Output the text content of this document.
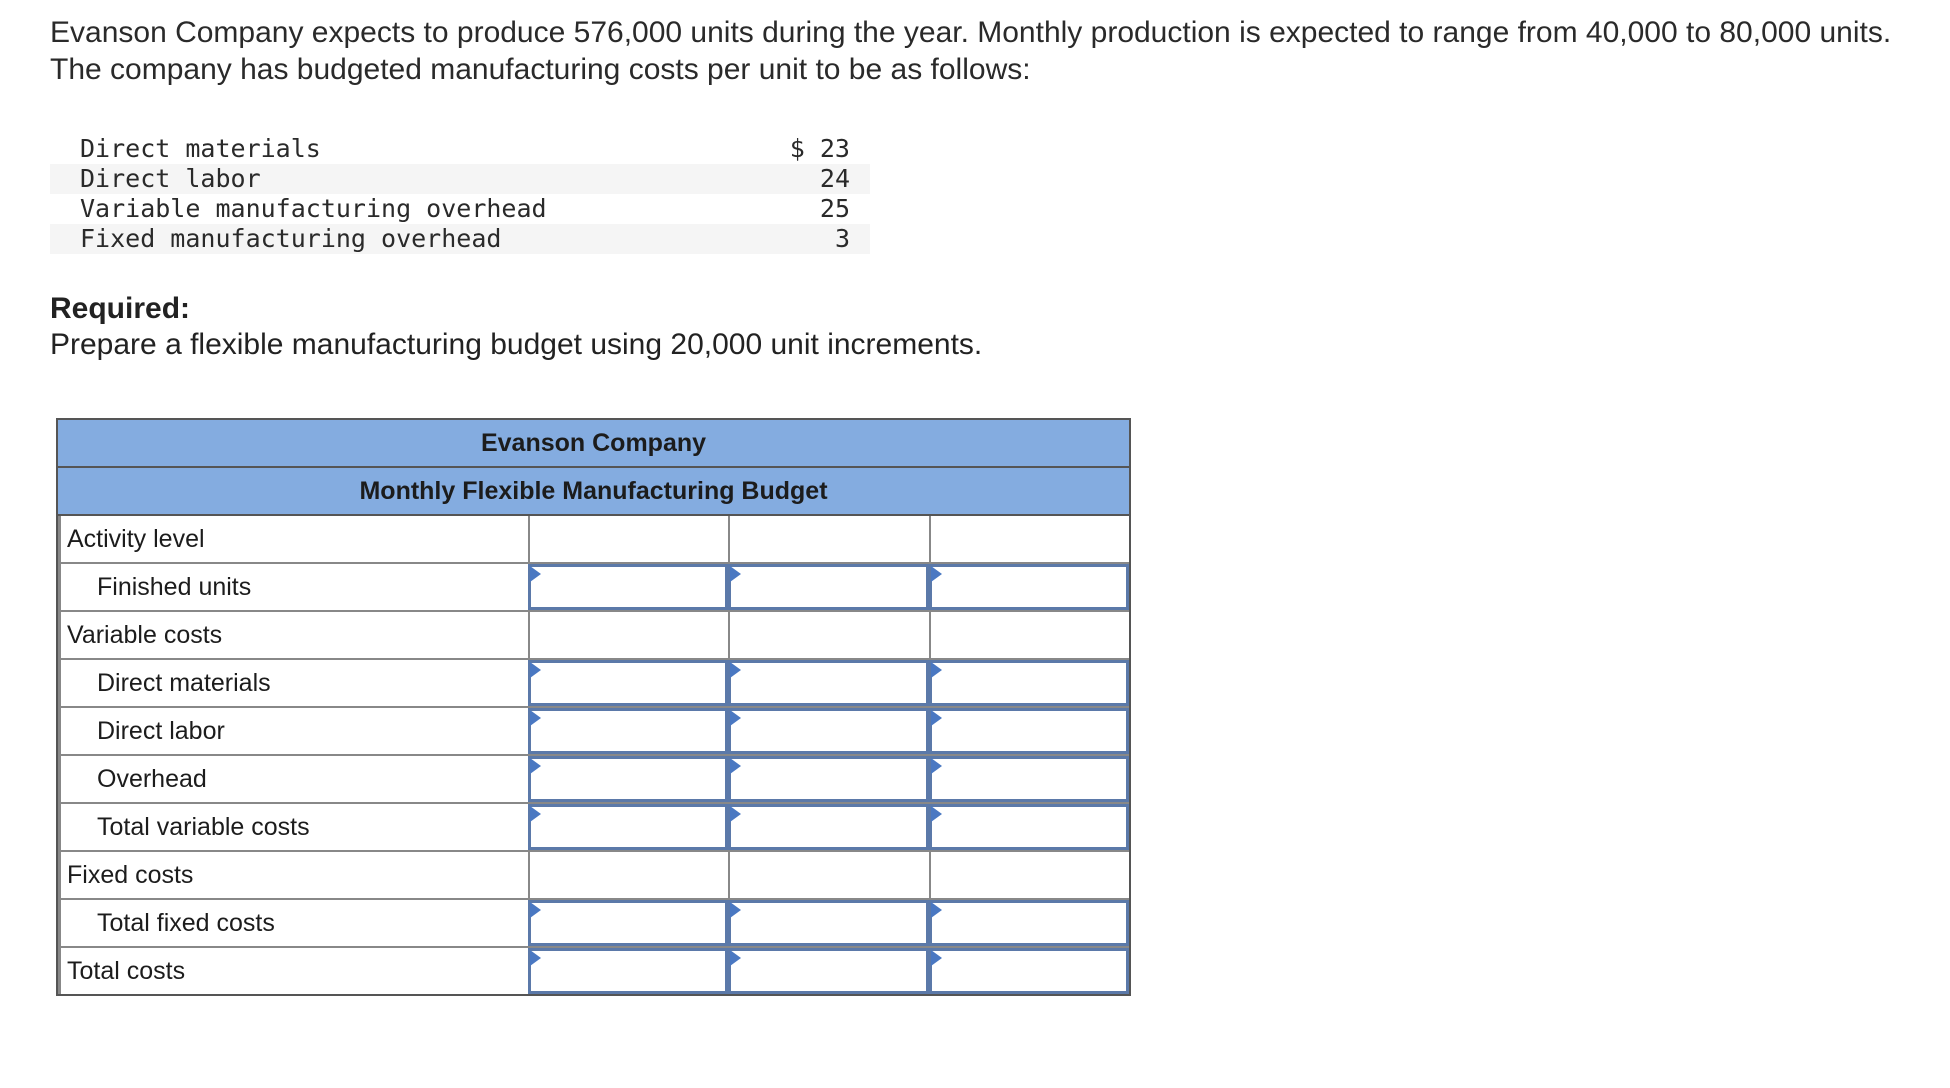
Evanson Company expects to produce 576,000 units during the year. Monthly production is expected to range from 40,000 to 80,000 units. The company has budgeted manufacturing costs per unit to be as follows:
Direct materials	$ 23
Direct labor	24
Variable manufacturing overhead	25
Fixed manufacturing overhead	3
Required:
Prepare a flexible manufacturing budget using 20,000 unit increments.
Evanson Company
Monthly Flexible Manufacturing Budget
Activity level
Finished units
Variable costs
Direct materials
Direct labor
Overhead
Total variable costs
Fixed costs
Total fixed costs
Total costs
